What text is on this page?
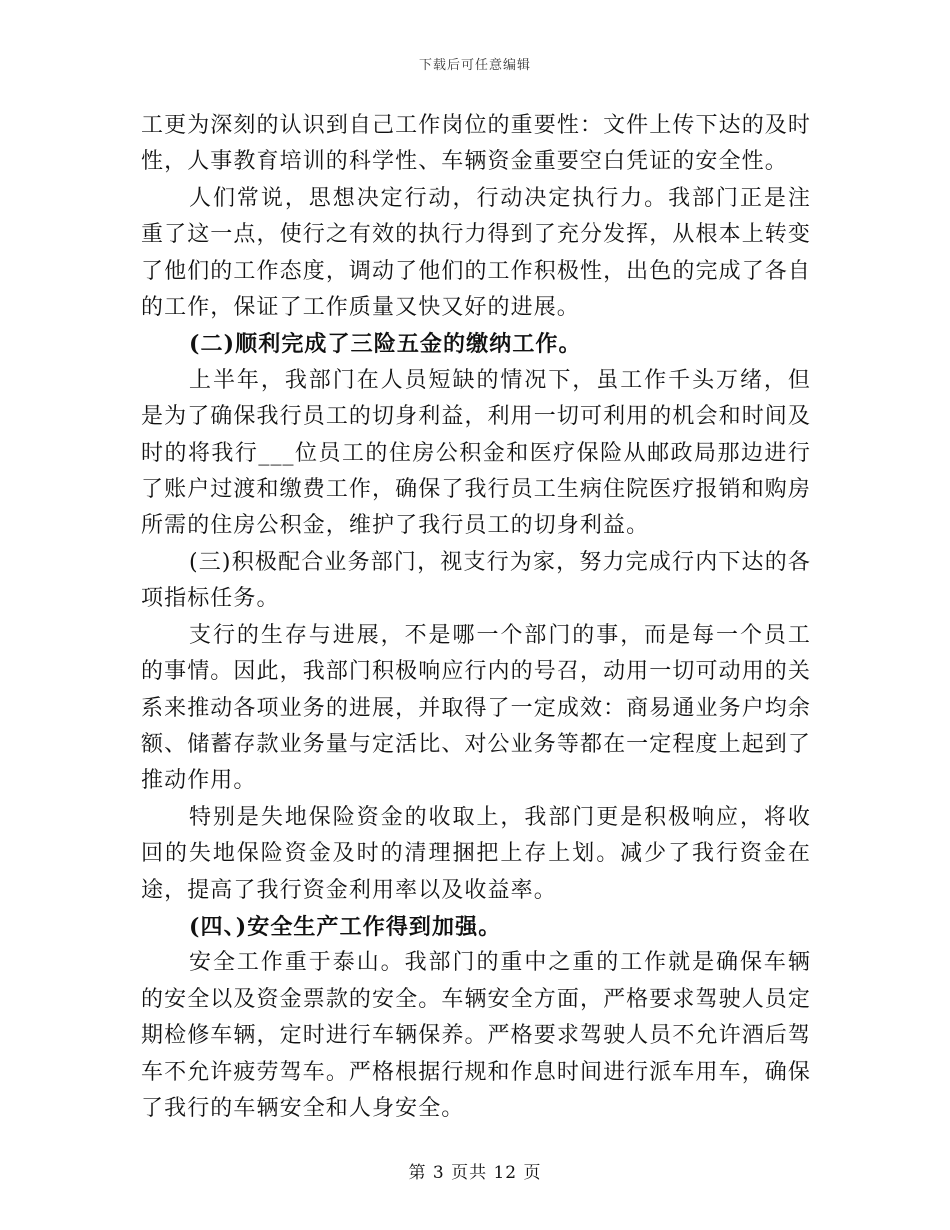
下载后可任意编辑

工更为深刻的认识到自己工作岗位的重要性：文件上传下达的及时性，人事教育培训的科学性、车辆资金重要空白凭证的安全性。

人们常说，思想决定行动，行动决定执行力。我部门正是注重了这一点，使行之有效的执行力得到了充分发挥，从根本上转变了他们的工作态度，调动了他们的工作积极性，出色的完成了各自的工作，保证了工作质量又快又好的进展。

(二)顺利完成了三险五金的缴纳工作。

上半年，我部门在人员短缺的情况下，虽工作千头万绪，但是为了确保我行员工的切身利益，利用一切可利用的机会和时间及时的将我行___位员工的住房公积金和医疗保险从邮政局那边进行了账户过渡和缴费工作，确保了我行员工生病住院医疗报销和购房所需的住房公积金，维护了我行员工的切身利益。

(三)积极配合业务部门，视支行为家，努力完成行内下达的各项指标任务。

支行的生存与进展，不是哪一个部门的事，而是每一个员工的事情。因此，我部门积极响应行内的号召，动用一切可动用的关系来推动各项业务的进展，并取得了一定成效：商易通业务户均余额、储蓄存款业务量与定活比、对公业务等都在一定程度上起到了推动作用。

特别是失地保险资金的收取上，我部门更是积极响应，将收回的失地保险资金及时的清理捆把上存上划。减少了我行资金在途，提高了我行资金利用率以及收益率。

(四、)安全生产工作得到加强。

安全工作重于泰山。我部门的重中之重的工作就是确保车辆的安全以及资金票款的安全。车辆安全方面，严格要求驾驶人员定期检修车辆，定时进行车辆保养。严格要求驾驶人员不允许酒后驾车不允许疲劳驾车。严格根据行规和作息时间进行派车用车，确保了我行的车辆安全和人身安全。

第 3 页共 12 页
